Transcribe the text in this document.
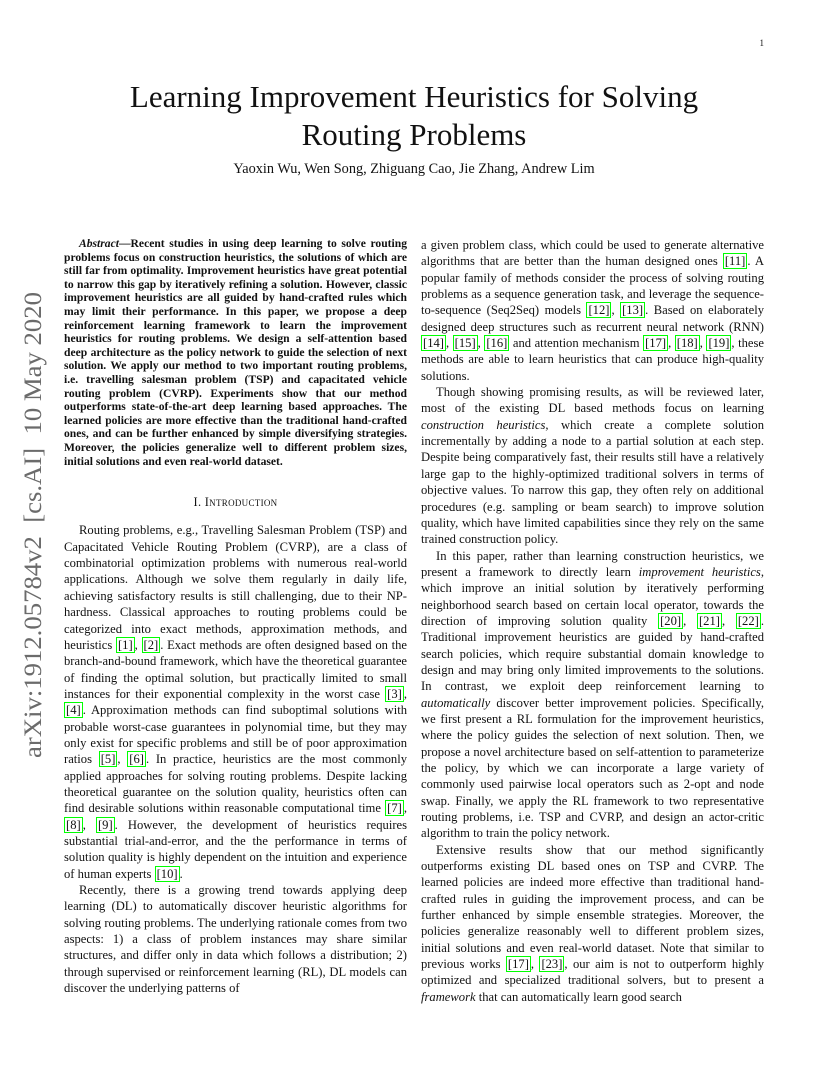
1
arXiv:1912.05784v2  [cs.AI]  10 May 2020
Learning Improvement Heuristics for Solving Routing Problems
Yaoxin Wu, Wen Song, Zhiguang Cao, Jie Zhang, Andrew Lim

Abstract—Recent studies in using deep learning to solve routing problems focus on construction heuristics, the solutions of which are still far from optimality. Improvement heuristics have great potential to narrow this gap by iteratively refining a solution. However, classic improvement heuristics are all guided by hand-crafted rules which may limit their performance. In this paper, we propose a deep reinforcement learning framework to learn the improvement heuristics for routing problems. We design a self-attention based deep architecture as the policy network to guide the selection of next solution. We apply our method to two important routing problems, i.e. travelling salesman problem (TSP) and capacitated vehicle routing problem (CVRP). Experiments show that our method outperforms state-of-the-art deep learning based approaches. The learned policies are more effective than the traditional hand-crafted ones, and can be further enhanced by simple diversifying strategies. Moreover, the policies generalize well to different problem sizes, initial solutions and even real-world dataset.

I. Introduction

Routing problems, e.g., Travelling Salesman Problem (TSP) and Capacitated Vehicle Routing Problem (CVRP), are a class of combinatorial optimization problems with numerous real-world applications. Although we solve them regularly in daily life, achieving satisfactory results is still challenging, due to their NP-hardness. Classical approaches to routing problems could be categorized into exact methods, approximation methods, and heuristics [1] , [2] . Exact methods are often designed based on the branch-and-bound framework, which have the theoretical guarantee of finding the optimal solution, but practically limited to small instances for their exponential complexity in the worst case [3] , [4] . Approximation methods can find suboptimal solutions with probable worst-case guarantees in polynomial time, but they may only exist for specific problems and still be of poor approximation ratios [5] , [6] . In practice, heuristics are the most commonly applied approaches for solving routing problems. Despite lacking theoretical guarantee on the solution quality, heuristics often can find desirable solutions within reasonable computational time [7] , [8] , [9] . However, the development of heuristics requires substantial trial-and-error, and the the performance in terms of solution quality is highly dependent on the intuition and experience of human experts [10] .

Recently, there is a growing trend towards applying deep learning (DL) to automatically discover heuristic algorithms for solving routing problems. The underlying rationale comes from two aspects: 1) a class of problem instances may share similar structures, and differ only in data which follows a distribution; 2) through supervised or reinforcement learning (RL), DL models can discover the underlying patterns of

a given problem class, which could be used to generate alternative algorithms that are better than the human designed ones [11] . A popular family of methods consider the process of solving routing problems as a sequence generation task, and leverage the sequence-to-sequence (Seq2Seq) models [12] , [13] . Based on elaborately designed deep structures such as recurrent neural network (RNN) [14] , [15] , [16] and attention mechanism [17] , [18] , [19] , these methods are able to learn heuristics that can produce high-quality solutions.

Though showing promising results, as will be reviewed later, most of the existing DL based methods focus on learning construction heuristics, which create a complete solution incrementally by adding a node to a partial solution at each step. Despite being comparatively fast, their results still have a relatively large gap to the highly-optimized traditional solvers in terms of objective values. To narrow this gap, they often rely on additional procedures (e.g. sampling or beam search) to improve solution quality, which have limited capabilities since they rely on the same trained construction policy.

In this paper, rather than learning construction heuristics, we present a framework to directly learn improvement heuristics, which improve an initial solution by iteratively performing neighborhood search based on certain local operator, towards the direction of improving solution quality [20] , [21] , [22] . Traditional improvement heuristics are guided by hand-crafted search policies, which require substantial domain knowledge to design and may bring only limited improvements to the solutions. In contrast, we exploit deep reinforcement learning to automatically discover better improvement policies. Specifically, we first present a RL formulation for the improvement heuristics, where the policy guides the selection of next solution. Then, we propose a novel architecture based on self-attention to parameterize the policy, by which we can incorporate a large variety of commonly used pairwise local operators such as 2-opt and node swap. Finally, we apply the RL framework to two representative routing problems, i.e. TSP and CVRP, and design an actor-critic algorithm to train the policy network.

Extensive results show that our method significantly outperforms existing DL based ones on TSP and CVRP. The learned policies are indeed more effective than traditional hand-crafted rules in guiding the improvement process, and can be further enhanced by simple ensemble strategies. Moreover, the policies generalize reasonably well to different problem sizes, initial solutions and even real-world dataset. Note that similar to previous works [17] , [23] , our aim is not to outperform highly optimized and specialized traditional solvers, but to present a framework that can automatically learn good search
